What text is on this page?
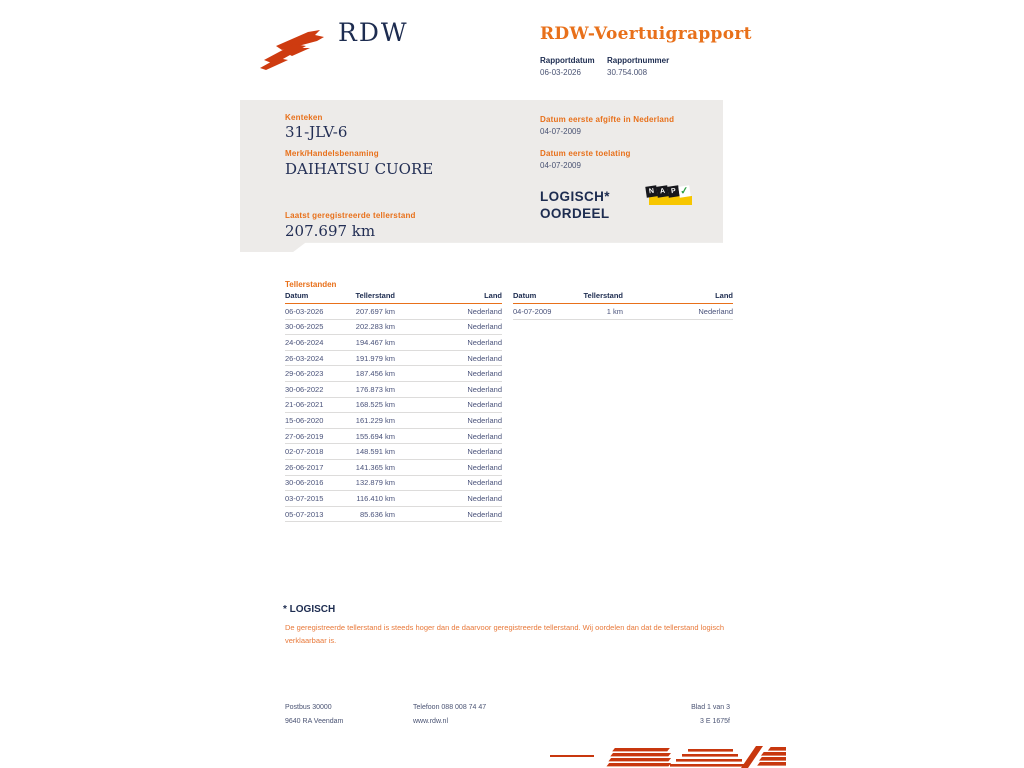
RDW	RDW-Voertuigrapport
Rapportdatum Rapportnummer
06-03-2026	30.754.008
Kenteken
31-JLV-6
Merk/Handelsbenaming
DAIHATSU CUORE
Laatst geregistreerde tellerstand
207.697 km
Datum eerste afgifte in Nederland
04-07-2009
Datum eerste toelating
04-07-2009
LOGISCH*
OORDEEL
N A P ✓
Tellerstanden
Datum	Tellerstand	Land
06-03-2026	207.697 km	Nederland
30-06-2025	202.283 km	Nederland
24-06-2024	194.467 km	Nederland
26-03-2024	191.979 km	Nederland
29-06-2023	187.456 km	Nederland
30-06-2022	176.873 km	Nederland
21-06-2021	168.525 km	Nederland
15-06-2020	161.229 km	Nederland
27-06-2019	155.694 km	Nederland
02-07-2018	148.591 km	Nederland
26-06-2017	141.365 km	Nederland
30-06-2016	132.879 km	Nederland
03-07-2015	116.410 km	Nederland
05-07-2013	85.636 km	Nederland
Datum	Tellerstand	Land
04-07-2009	1 km	Nederland
* LOGISCH
De geregistreerde tellerstand is steeds hoger dan de daarvoor geregistreerde tellerstand. Wij oordelen dan dat de tellerstand logisch verklaarbaar is.
Postbus 30000
9640 RA Veendam
Telefoon 088 008 74 47
www.rdw.nl
Blad 1 van 3
3 E 1675f
